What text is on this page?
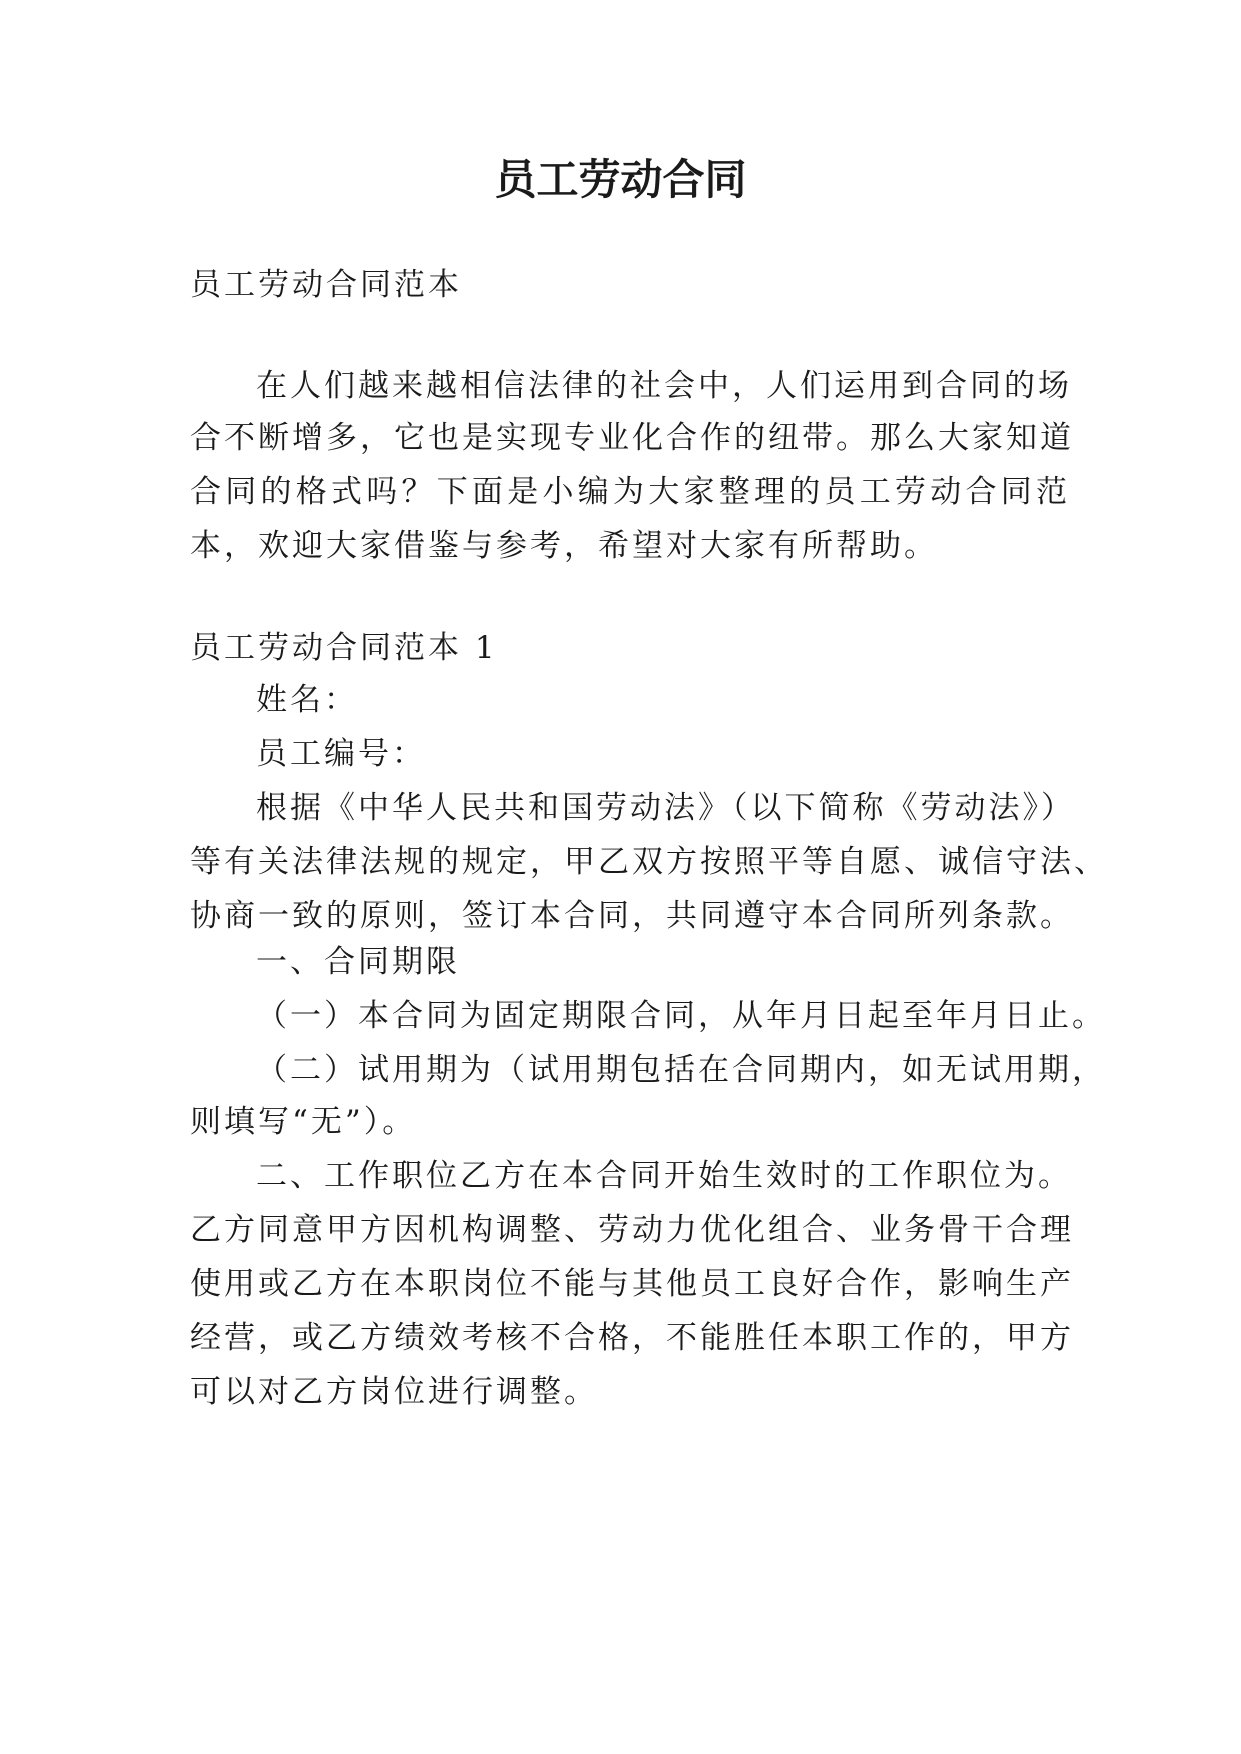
员工劳动合同

员工劳动合同范本

在人们越来越相信法律的社会中，人们运用到合同的场

合不断增多，它也是实现专业化合作的纽带。那么大家知道

合同的格式吗？下面是小编为大家整理的员工劳动合同范

本，欢迎大家借鉴与参考，希望对大家有所帮助。

员工劳动合同范本 1

姓名：

员工编号：

根据《中华人民共和国劳动法》（以下简称《劳动法》）

等有关法律法规的规定，甲乙双方按照平等自愿、诚信守法、

协商一致的原则，签订本合同，共同遵守本合同所列条款。

一、合同期限

（一）本合同为固定期限合同，从年月日起至年月日止。

（二）试用期为（试用期包括在合同期内，如无试用期，

则填写“无”）。

二、工作职位乙方在本合同开始生效时的工作职位为。

乙方同意甲方因机构调整、劳动力优化组合、业务骨干合理

使用或乙方在本职岗位不能与其他员工良好合作，影响生产

经营，或乙方绩效考核不合格，不能胜任本职工作的，甲方

可以对乙方岗位进行调整。
